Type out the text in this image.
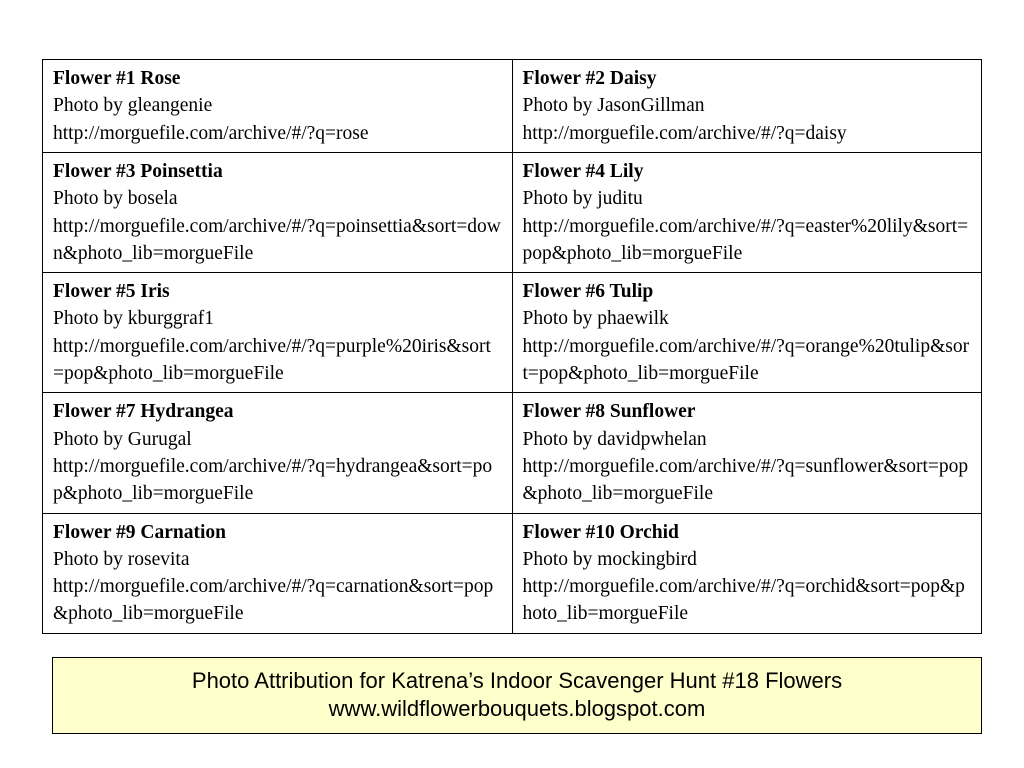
Flower #1 Rose
Photo by gleangenie
http://morguefile.com/archive/#/?q=rose	Flower #2 Daisy
Photo by JasonGillman
http://morguefile.com/archive/#/?q=daisy

Flower #3 Poinsettia
Photo by bosela
http://morguefile.com/archive/#/?q=poinsettia&sort=down&photo_lib=morgueFile	Flower #4 Lily
Photo by juditu
http://morguefile.com/archive/#/?q=easter%20lily&sort=pop&photo_lib=morgueFile

Flower #5 Iris
Photo by kburggraf1
http://morguefile.com/archive/#/?q=purple%20iris&sort=pop&photo_lib=morgueFile	Flower #6 Tulip
Photo by phaewilk
http://morguefile.com/archive/#/?q=orange%20tulip&sort=pop&photo_lib=morgueFile

Flower #7 Hydrangea
Photo by Gurugal
http://morguefile.com/archive/#/?q=hydrangea&sort=pop&photo_lib=morgueFile	Flower #8 Sunflower
Photo by davidpwhelan
http://morguefile.com/archive/#/?q=sunflower&sort=pop&photo_lib=morgueFile

Flower #9 Carnation
Photo by rosevita
http://morguefile.com/archive/#/?q=carnation&sort=pop&photo_lib=morgueFile	Flower #10 Orchid
Photo by mockingbird
http://morguefile.com/archive/#/?q=orchid&sort=pop&photo_lib=morgueFile
Photo Attribution for Katrena’s Indoor Scavenger Hunt #18 Flowers
www.wildflowerbouquets.blogspot.com
